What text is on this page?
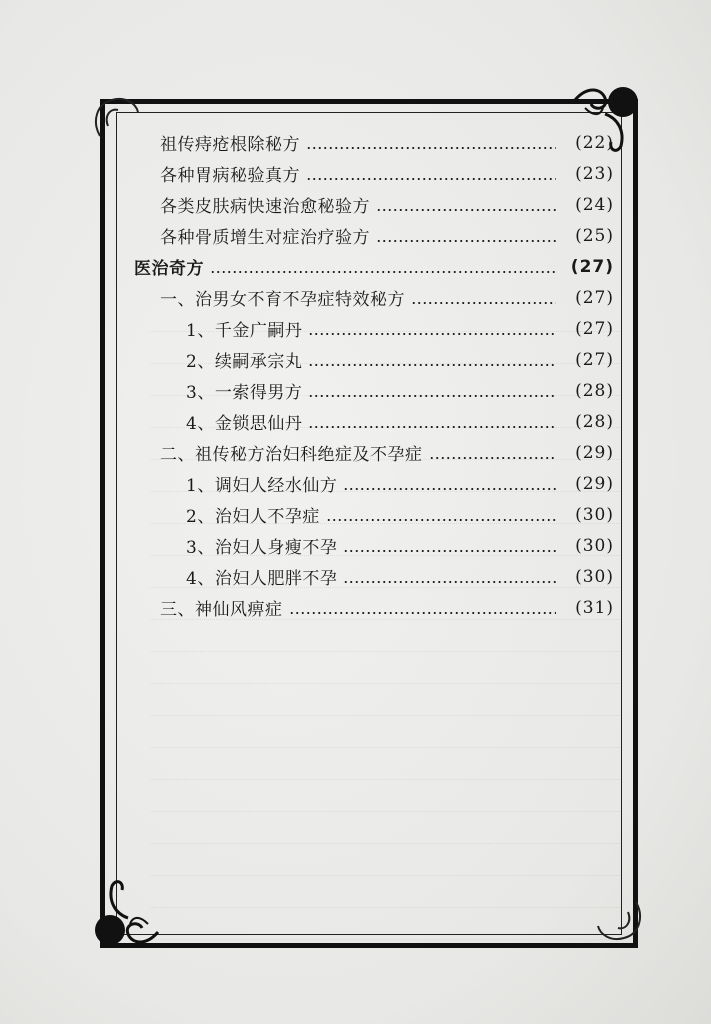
祖传痔疮根除秘方	(22)
各种胃病秘验真方	(23)
各类皮肤病快速治愈秘验方	(24)
各种骨质增生对症治疗验方	(25)
医治奇方	(27)
一、治男女不育不孕症特效秘方	(27)
1、千金广嗣丹	(27)
2、续嗣承宗丸	(27)
3、一索得男方	(28)
4、金锁思仙丹	(28)
二、祖传秘方治妇科绝症及不孕症	(29)
1、调妇人经水仙方	(29)
2、治妇人不孕症	(30)
3、治妇人身瘦不孕	(30)
4、治妇人肥胖不孕	(30)
三、神仙风痹症	(31)
